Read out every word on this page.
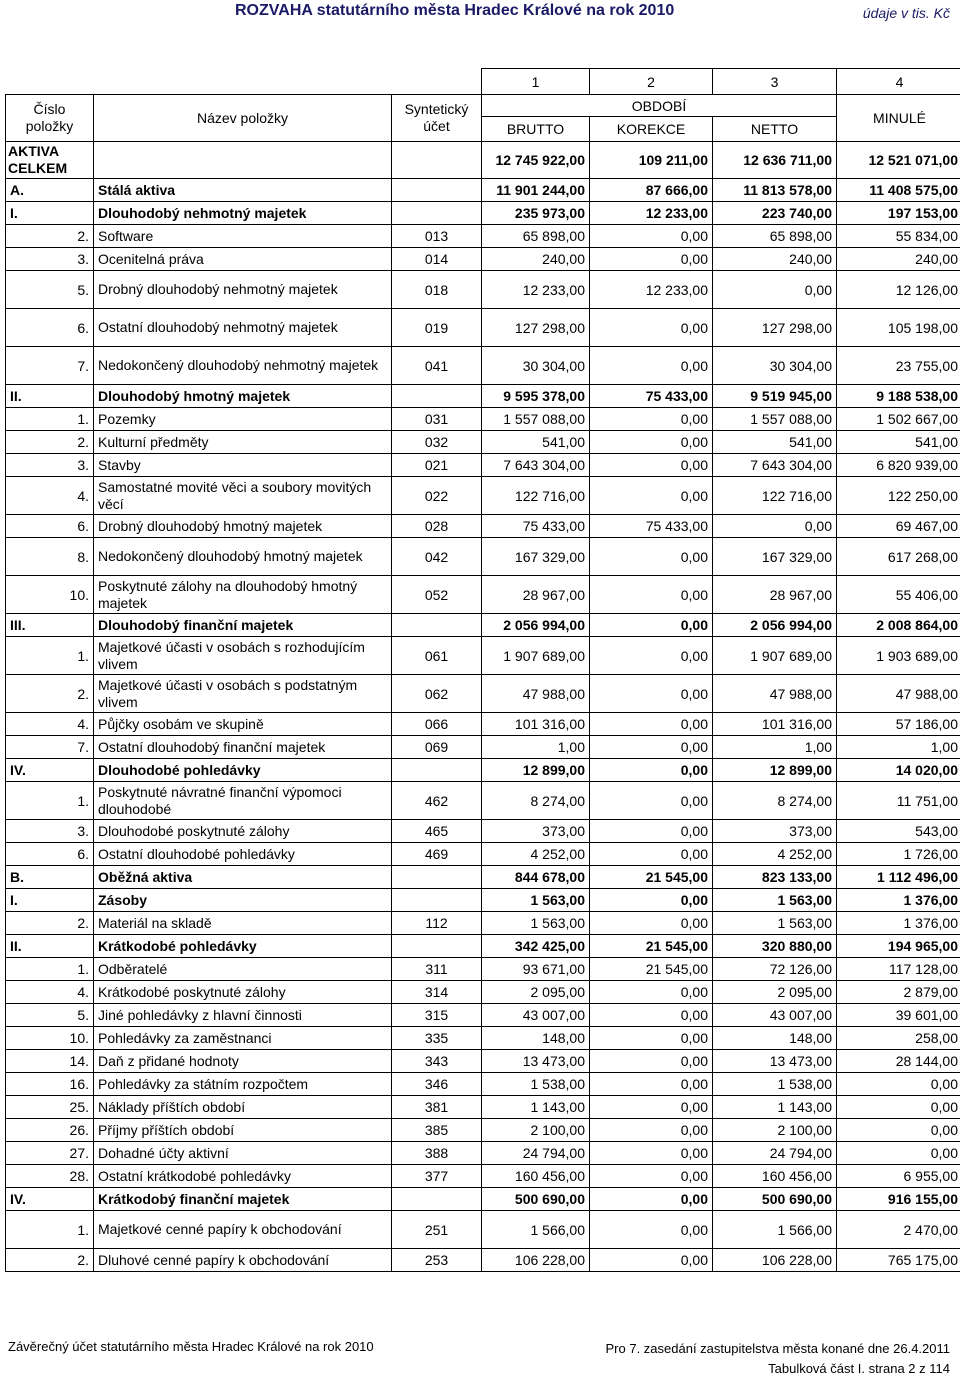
ROZVAHA statutárního města Hradec Králové na rok 2010	údaje v tis. Kč
			1	2	3	4
Číslo položky	Název položky	Syntetický účet	OBDOBÍ			MINULÉ
			BRUTTO	KOREKCE	NETTO	
AKTIVA CELKEM			12 745 922,00	109 211,00	12 636 711,00	12 521 071,00
A.	Stálá aktiva		11 901 244,00	87 666,00	11 813 578,00	11 408 575,00
I.	Dlouhodobý nehmotný majetek		235 973,00	12 233,00	223 740,00	197 153,00
2.	Software	013	65 898,00	0,00	65 898,00	55 834,00
3.	Ocenitelná práva	014	240,00	0,00	240,00	240,00
5.	Drobný dlouhodobý nehmotný majetek	018	12 233,00	12 233,00	0,00	12 126,00
6.	Ostatní dlouhodobý nehmotný majetek	019	127 298,00	0,00	127 298,00	105 198,00
7.	Nedokončený dlouhodobý nehmotný majetek	041	30 304,00	0,00	30 304,00	23 755,00
II.	Dlouhodobý hmotný majetek		9 595 378,00	75 433,00	9 519 945,00	9 188 538,00
1.	Pozemky	031	1 557 088,00	0,00	1 557 088,00	1 502 667,00
2.	Kulturní předměty	032	541,00	0,00	541,00	541,00
3.	Stavby	021	7 643 304,00	0,00	7 643 304,00	6 820 939,00
4.	Samostatné movité věci a soubory movitých věcí	022	122 716,00	0,00	122 716,00	122 250,00
6.	Drobný dlouhodobý hmotný majetek	028	75 433,00	75 433,00	0,00	69 467,00
8.	Nedokončený dlouhodobý hmotný majetek	042	167 329,00	0,00	167 329,00	617 268,00
10.	Poskytnuté zálohy na dlouhodobý hmotný majetek	052	28 967,00	0,00	28 967,00	55 406,00
III.	Dlouhodobý finanční majetek		2 056 994,00	0,00	2 056 994,00	2 008 864,00
1.	Majetkové účasti v osobách s rozhodujícím vlivem	061	1 907 689,00	0,00	1 907 689,00	1 903 689,00
2.	Majetkové účasti v osobách s podstatným vlivem	062	47 988,00	0,00	47 988,00	47 988,00
4.	Půjčky osobám ve skupině	066	101 316,00	0,00	101 316,00	57 186,00
7.	Ostatní dlouhodobý finanční majetek	069	1,00	0,00	1,00	1,00
IV.	Dlouhodobé pohledávky		12 899,00	0,00	12 899,00	14 020,00
1.	Poskytnuté návratné finanční výpomoci dlouhodobé	462	8 274,00	0,00	8 274,00	11 751,00
3.	Dlouhodobé poskytnuté zálohy	465	373,00	0,00	373,00	543,00
6.	Ostatní dlouhodobé pohledávky	469	4 252,00	0,00	4 252,00	1 726,00
B.	Oběžná aktiva		844 678,00	21 545,00	823 133,00	1 112 496,00
I.	Zásoby		1 563,00	0,00	1 563,00	1 376,00
2.	Materiál na skladě	112	1 563,00	0,00	1 563,00	1 376,00
II.	Krátkodobé pohledávky		342 425,00	21 545,00	320 880,00	194 965,00
1.	Odběratelé	311	93 671,00	21 545,00	72 126,00	117 128,00
4.	Krátkodobé poskytnuté zálohy	314	2 095,00	0,00	2 095,00	2 879,00
5.	Jiné pohledávky z hlavní činnosti	315	43 007,00	0,00	43 007,00	39 601,00
10.	Pohledávky za zaměstnanci	335	148,00	0,00	148,00	258,00
14.	Daň z přidané hodnoty	343	13 473,00	0,00	13 473,00	28 144,00
16.	Pohledávky za státním rozpočtem	346	1 538,00	0,00	1 538,00	0,00
25.	Náklady příštích období	381	1 143,00	0,00	1 143,00	0,00
26.	Příjmy příštích období	385	2 100,00	0,00	2 100,00	0,00
27.	Dohadné účty aktivní	388	24 794,00	0,00	24 794,00	0,00
28.	Ostatní krátkodobé pohledávky	377	160 456,00	0,00	160 456,00	6 955,00
IV.	Krátkodobý finanční majetek		500 690,00	0,00	500 690,00	916 155,00
1.	Majetkové cenné papíry k obchodování	251	1 566,00	0,00	1 566,00	2 470,00
2.	Dluhové cenné papíry k obchodování	253	106 228,00	0,00	106 228,00	765 175,00
Závěrečný účet statutárního města Hradec Králové na rok 2010	Pro 7. zasedání zastupitelstva města konané dne 26.4.2011
Tabulková část I. strana 2 z 114
